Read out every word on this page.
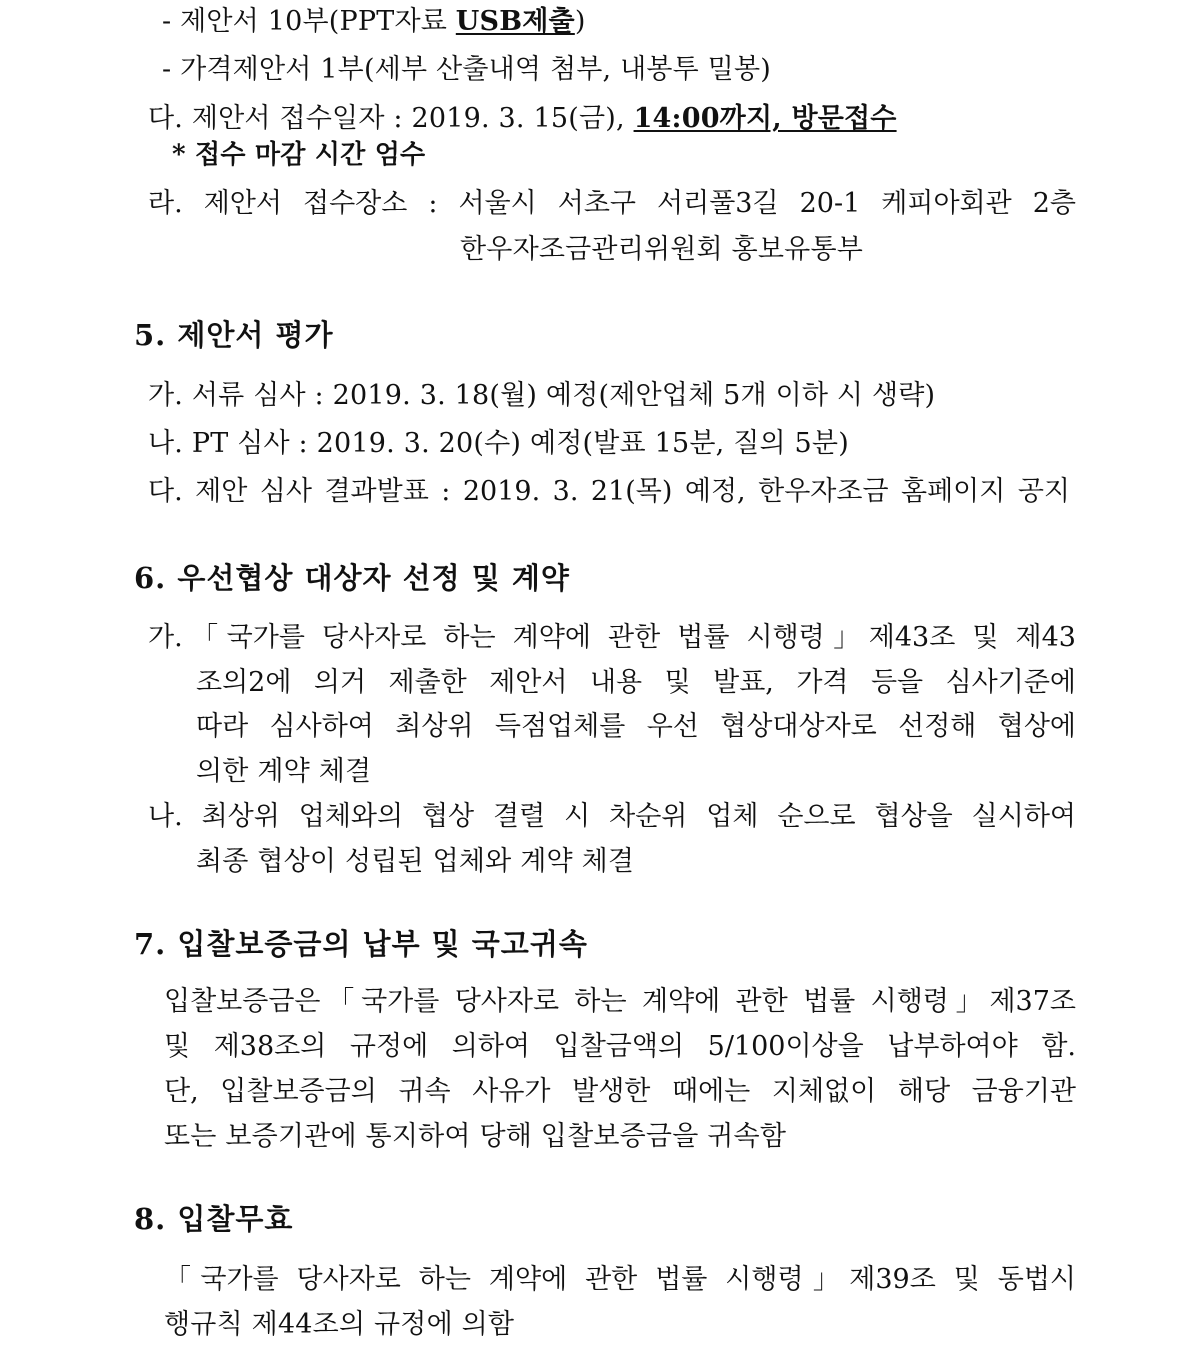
- 제안서 10부(PPT자료 USB제출)
- 가격제안서 1부(세부 산출내역 첨부, 내봉투 밀봉)
다. 제안서 접수일자 : 2019. 3. 15(금), 14:00까지, 방문접수
* 접수 마감 시간 엄수
라. 제안서 접수장소 : 서울시 서초구 서리풀3길 20-1 케피아회관 2층
한우자조금관리위원회 홍보유통부
5. 제안서 평가
가. 서류 심사 : 2019. 3. 18(월) 예정(제안업체 5개 이하 시 생략)
나. PT 심사 : 2019. 3. 20(수) 예정(발표 15분, 질의 5분)
다. 제안 심사 결과발표 : 2019. 3. 21(목) 예정, 한우자조금 홈페이지 공지
6. 우선협상 대상자 선정 및 계약
가.「국가를 당사자로 하는 계약에 관한 법률 시행령」제43조 및 제43
조의2에 의거 제출한 제안서 내용 및 발표, 가격 등을 심사기준에
따라 심사하여 최상위 득점업체를 우선 협상대상자로 선정해 협상에
의한 계약 체결
나. 최상위 업체와의 협상 결렬 시 차순위 업체 순으로 협상을 실시하여
최종 협상이 성립된 업체와 계약 체결
7. 입찰보증금의 납부 및 국고귀속
입찰보증금은「국가를 당사자로 하는 계약에 관한 법률 시행령」제37조
및 제38조의 규정에 의하여 입찰금액의 5/100이상을 납부하여야 함.
단, 입찰보증금의 귀속 사유가 발생한 때에는 지체없이 해당 금융기관
또는 보증기관에 통지하여 당해 입찰보증금을 귀속함
8. 입찰무효
「국가를 당사자로 하는 계약에 관한 법률 시행령」제39조 및 동법시
행규칙 제44조의 규정에 의함
